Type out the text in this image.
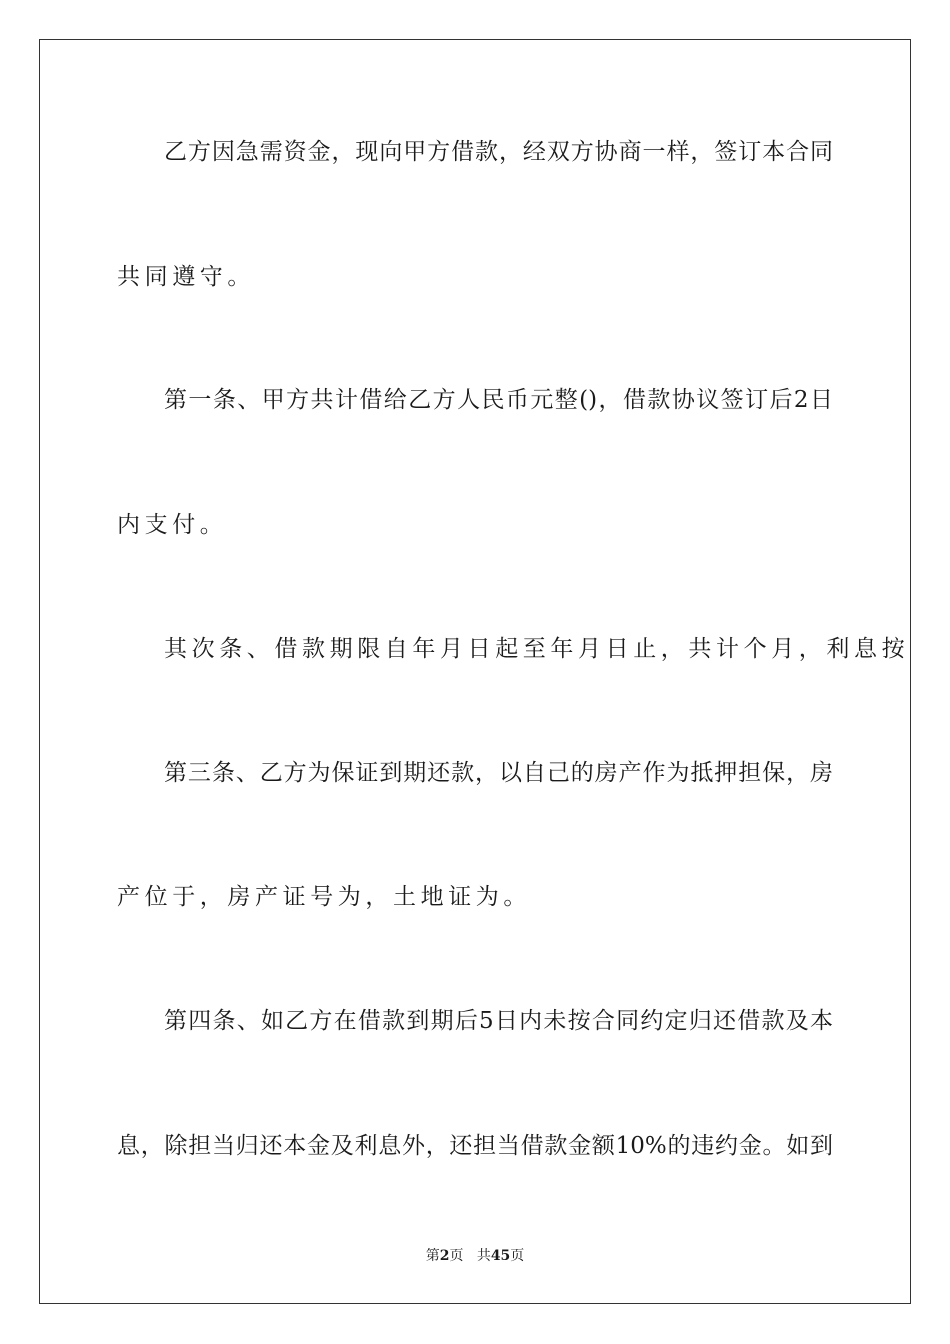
乙方因急需资金，现向甲方借款，经双方协商一样，签订本合同
共同遵守。
第一条、甲方共计借给乙方人民币元整()，借款协议签订后2日
内支付。
其次条、借款期限自年月日起至年月日止，共计个月，利息按
第三条、乙方为保证到期还款，以自己的房产作为抵押担保，房
产位于，房产证号为，土地证为。
第四条、如乙方在借款到期后5日内未按合同约定归还借款及本
息，除担当归还本金及利息外，还担当借款金额10%的违约金。如到
第2页 共45页
